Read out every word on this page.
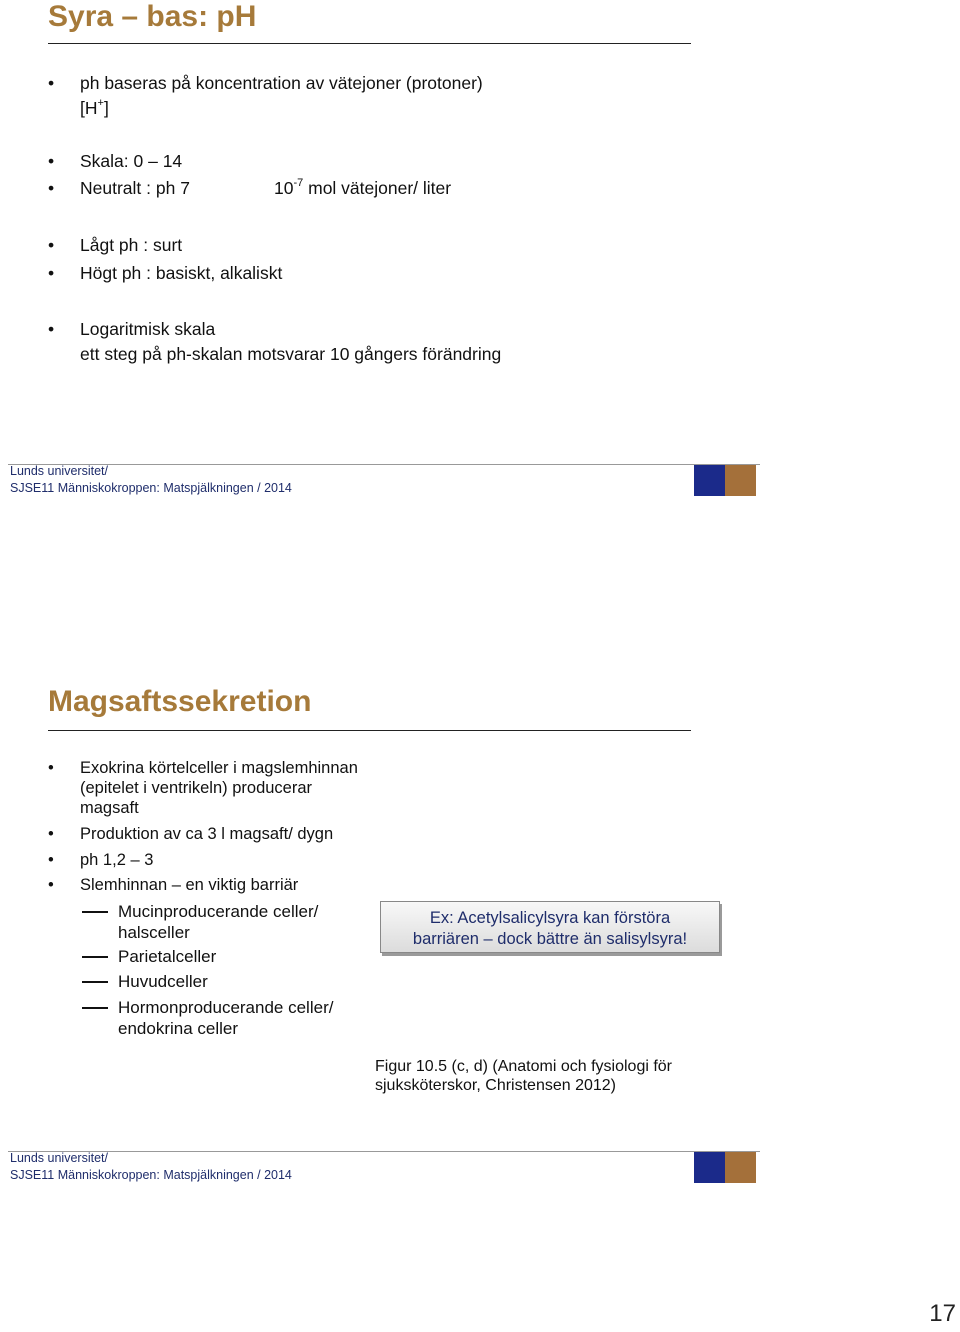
Syra – bas: pH
•	ph baseras på koncentration av vätejoner (protoner)
[H+]
•	Skala: 0 – 14
•	Neutralt : ph 7	$10^{-7}$ mol vätejoner/ liter
•	Lågt ph : surt
•	Högt ph : basiskt, alkaliskt
•	Logaritmisk skala
ett steg på ph-skalan motsvarar 10 gångers förändring
Lunds universitet/
SJSE11 Människokroppen: Matspjälkningen / 2014
Magsaftssekretion
•	Exokrina körtelceller i magslemhinnan
(epitelet i ventrikeln) producerar
magsaft
•	Produktion av ca 3 l magsaft/ dygn
•	ph 1,2 – 3
•	Slemhinnan – en viktig barriär
Mucinproducerande celler/
halsceller
Parietalceller
Huvudceller
Hormonproducerande celler/
endokrina celler
Ex: Acetylsalicylsyra kan förstöra
barriären – dock bättre än salisylsyra!
Figur 10.5 (c, d) (Anatomi och fysiologi för
sjuksköterskor, Christensen 2012)
Lunds universitet/
SJSE11 Människokroppen: Matspjälkningen / 2014
17
